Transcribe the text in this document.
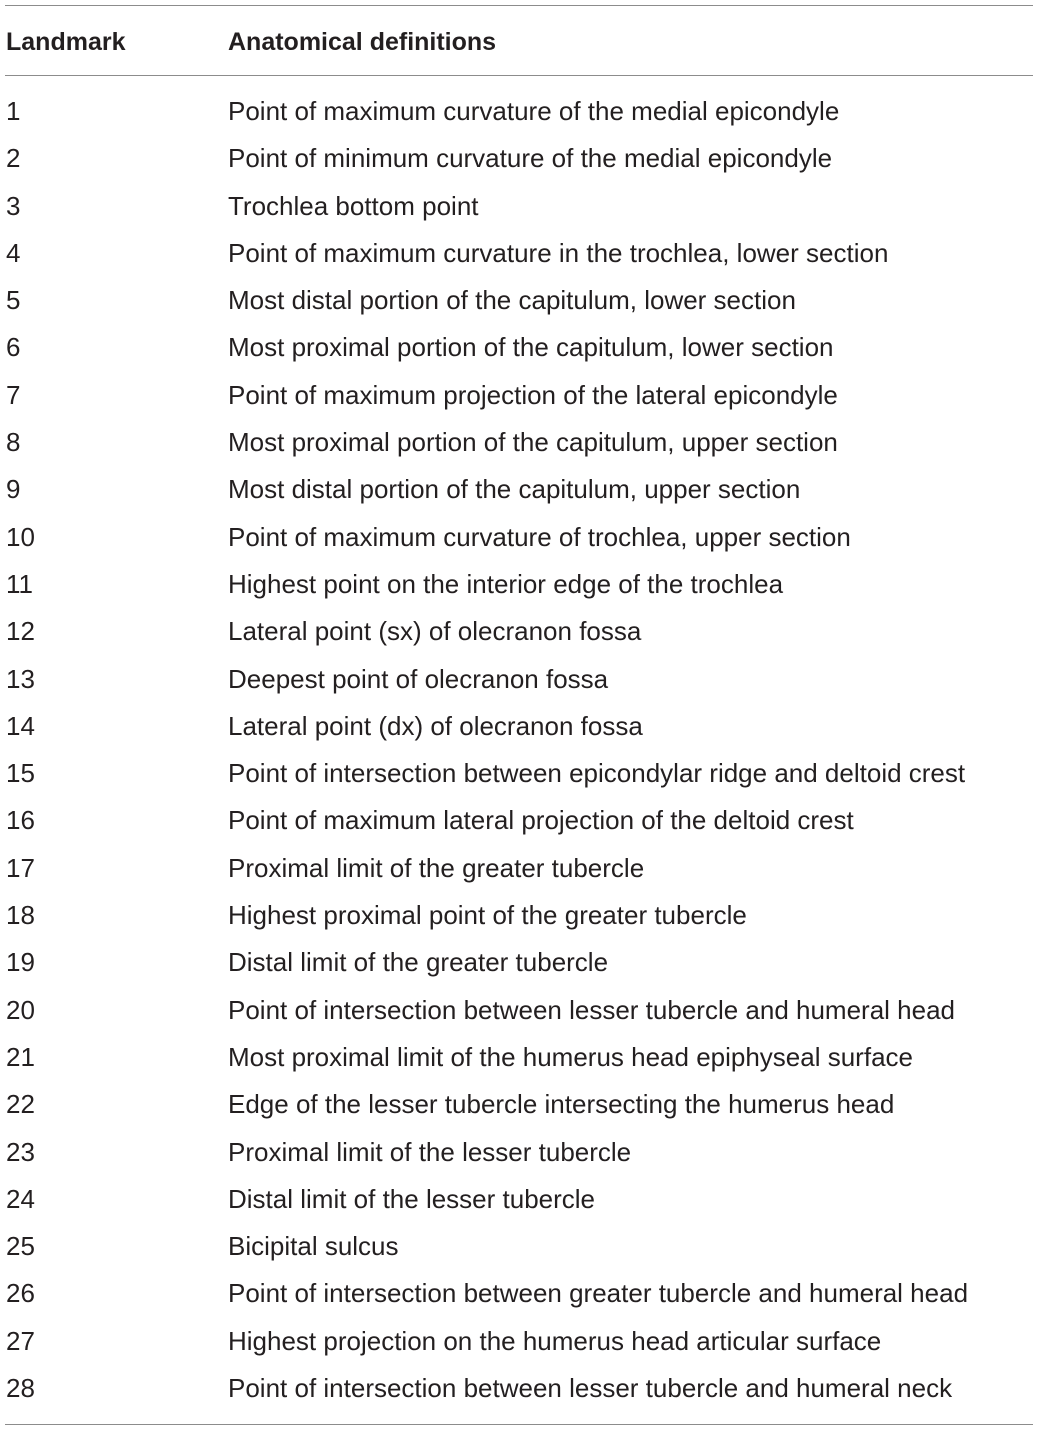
Landmark	Anatomical definitions
1	Point of maximum curvature of the medial epicondyle
2	Point of minimum curvature of the medial epicondyle
3	Trochlea bottom point
4	Point of maximum curvature in the trochlea, lower section
5	Most distal portion of the capitulum, lower section
6	Most proximal portion of the capitulum, lower section
7	Point of maximum projection of the lateral epicondyle
8	Most proximal portion of the capitulum, upper section
9	Most distal portion of the capitulum, upper section
10	Point of maximum curvature of trochlea, upper section
11	Highest point on the interior edge of the trochlea
12	Lateral point (sx) of olecranon fossa
13	Deepest point of olecranon fossa
14	Lateral point (dx) of olecranon fossa
15	Point of intersection between epicondylar ridge and deltoid crest
16	Point of maximum lateral projection of the deltoid crest
17	Proximal limit of the greater tubercle
18	Highest proximal point of the greater tubercle
19	Distal limit of the greater tubercle
20	Point of intersection between lesser tubercle and humeral head
21	Most proximal limit of the humerus head epiphyseal surface
22	Edge of the lesser tubercle intersecting the humerus head
23	Proximal limit of the lesser tubercle
24	Distal limit of the lesser tubercle
25	Bicipital sulcus
26	Point of intersection between greater tubercle and humeral head
27	Highest projection on the humerus head articular surface
28	Point of intersection between lesser tubercle and humeral neck
